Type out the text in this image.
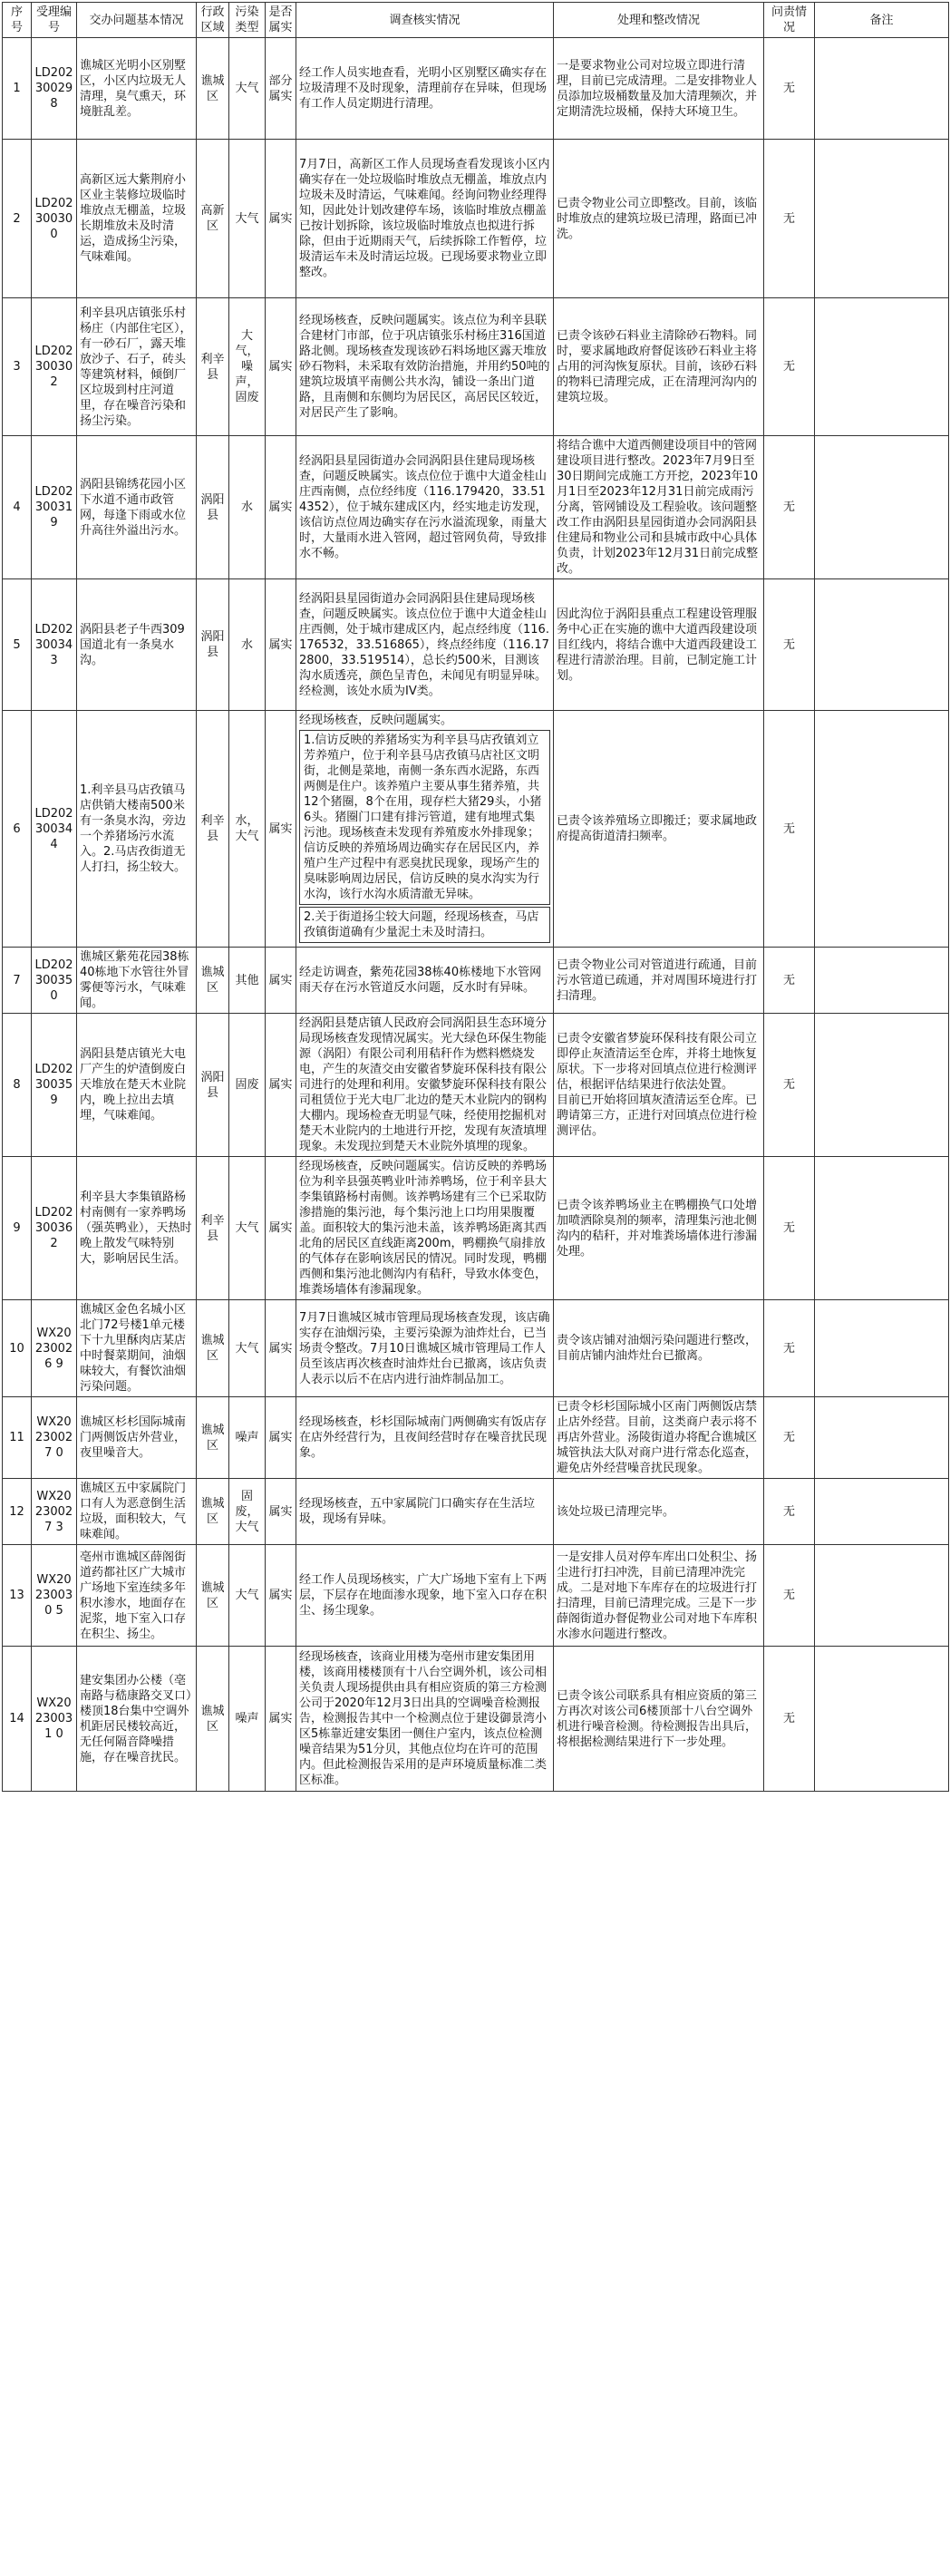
序号	受理编号	交办问题基本情况	行政区域	污染类型	是否属实	调查核实情况	处理和整改情况	问责情况	备注
1	LD20230029 8	谯城区光明小区别墅区，小区内垃圾无人清理，臭气熏天，环境脏乱差。	谯城区	大气	部分属实	经工作人员实地查看，光明小区别墅区确实存在垃圾清理不及时现象，清理前存在异味，但现场有工作人员定期进行清理。	一是要求物业公司对垃圾立即进行清理，目前已完成清理。二是安排物业人员添加垃圾桶数量及加大清理频次，并定期清洗垃圾桶，保持大环境卫生。	无	
2	LD20230030 0	高新区远大紫荆府小区业主装修垃圾临时堆放点无棚盖，垃圾长期堆放未及时清运，造成扬尘污染，气味难闻。	高新区	大气	属实	7月7日，高新区工作人员现场查看发现该小区内确实存在一处垃圾临时堆放点无棚盖，堆放点内垃圾未及时清运，气味难闻。经询问物业经理得知，因此处计划改建停车场，该临时堆放点棚盖已按计划拆除，该垃圾临时堆放点也拟进行拆除，但由于近期雨天气，后续拆除工作暂停，垃圾清运车未及时清运垃圾。已现场要求物业立即整改。	已责令物业公司立即整改。目前，该临时堆放点的建筑垃圾已清理，路面已冲洗。	无	
3	LD20230030 2	利辛县巩店镇张乐村杨庄（内部住宅区），有一砂石厂，露天堆放沙子、石子，砖头等建筑材料，倾倒厂区垃圾到村庄河道里，存在噪音污染和扬尘污染。	利辛县	大气，噪声，固废	属实	经现场核查，反映问题属实。该点位为利辛县联合建材门市部，位于巩店镇张乐村杨庄316国道路北侧。现场核查发现该砂石料场地区露天堆放砂石物料，未采取有效防治措施，并用约50吨的建筑垃圾填平南侧公共水沟，铺设一条出门道路，且南侧和东侧均为居民区，高居民区较近，对居民产生了影响。	已责令该砂石料业主清除砂石物料。同时，要求属地政府督促该砂石料业主将占用的河沟恢复原状。目前，该砂石料的物料已清理完成，正在清理河沟内的建筑垃圾。	无	
4	LD20230031 9	涡阳县锦绣花园小区下水道不通市政管网，每逢下雨或水位升高往外溢出污水。	涡阳县	水	属实	经涡阳县星园街道办会同涡阳县住建局现场核查，问题反映属实。该点位位于谯中大道金桂山庄西南侧，点位经纬度（116.179420，33.514352），位于城东建成区内，经实地走访发现，该信访点位周边确实存在污水溢流现象，雨量大时，大量雨水进入管网，超过管网负荷，导致排水不畅。	将结合谯中大道西侧建设项目中的管网建设项目进行整改。2023年7月9日至30日期间完成施工方开挖，2023年10月1日至2023年12月31日前完成雨污分离，管网铺设及工程验收。该问题整改工作由涡阳县星园街道办会同涡阳县住建局和物业公司和县城市政中心具体负责，计划2023年12月31日前完成整改。	无	
5	LD20230034 3	涡阳县老子牛西309国道北有一条臭水沟。	涡阳县	水	属实	经涡阳县星园街道办会同涡阳县住建局现场核查，问题反映属实。该点位位于谯中大道金桂山庄西侧，处于城市建成区内，起点经纬度（116.176532，33.516865），终点经纬度（116.172800，33.519514），总长约500米，目测该沟水质透亮，颜色呈青色，未闻见有明显异味。经检测，该处水质为IV类。	因此沟位于涡阳县重点工程建设管理服务中心正在实施的谯中大道西段建设项目红线内，将结合谯中大道西段建设工程进行清淤治理。目前，已制定施工计划。	无	
6	LD20230034 4	1.利辛县马店孜镇马店供销大楼南500米有一条臭水沟，旁边一个养猪场污水流入。2.马店孜街道无人打扫，扬尘较大。	利辛县	水，大气	属实	经现场核查，反映问题属实。
1.信访反映的养猪场实为利辛县马店孜镇刘立芳养殖户，位于利辛县马店孜镇马店社区文明街，北侧是菜地，南侧一条东西水泥路，东西两侧是住户。该养殖户主要从事生猪养殖，共12个猪圈，8个在用，现存栏大猪29头，小猪6头。猪圈门口建有排污管道，建有地埋式集污池。现场核查未发现有养殖废水外排现象；信访反映的养殖场周边确实存在居民区内，养殖户生产过程中有恶臭扰民现象，现场产生的臭味影响周边居民，信访反映的臭水沟实为行水沟，该行水沟水质清澈无异味。
2.关于街道扬尘较大问题，经现场核查，马店孜镇街道确有少量泥土未及时清扫。	已责令该养殖场立即搬迁；要求属地政府提高街道清扫频率。	无	
7	LD20230035 0	谯城区紫苑花园38栋40栋地下水管往外冒雾便等污水，气味难闻。	谯城区	其他	属实	经走访调查，紫苑花园38栋40栋楼地下水管网雨天存在污水管道反水问题，反水时有异味。	已责令物业公司对管道进行疏通，目前污水管道已疏通，并对周围环境进行打扫清理。	无	
8	LD20230035 9	涡阳县楚店镇光大电厂产生的炉渣倒废白天堆放在楚天木业院内，晚上拉出去填埋，气味难闻。	涡阳县	固废	属实	经涡阳县楚店镇人民政府会同涡阳县生态环境分局现场核查发现情况属实。光大绿色环保生物能源（涡阳）有限公司利用秸秆作为燃料燃烧发电，产生的灰渣交由安徽省梦旋环保科技有限公司进行的处理和利用。安徽梦旋环保科技有限公司租赁位于光大电厂北边的楚天木业院内的钢构大棚内。现场检查无明显气味，经使用挖掘机对楚天木业院内的土地进行开挖，发现有灰渣填埋现象。未发现拉到楚天木业院外填埋的现象。	已责令安徽省梦旋环保科技有限公司立即停止灰渣清运至仓库，并将土地恢复原状。下一步将对回填点位进行检测评估，根据评估结果进行依法处置。
目前已开始将回填灰渣清运至仓库。已聘请第三方，正进行对回填点位进行检测评估。	无	
9	LD20230036 2	利辛县大李集镇路杨村南侧有一家养鸭场（强英鸭业），天热时晚上散发气味特别大，影响居民生活。	利辛县	大气	属实	经现场核查，反映问题属实。信访反映的养鸭场位为利辛县强英鸭业叶沛养鸭场，位于利辛县大李集镇路杨村南侧。该养鸭场建有三个已采取防渗措施的集污池，每个集污池上口均用果腹覆盖。面积较大的集污池未盖，该养鸭场距离其西北角的居民区直线距离200m，鸭棚换气扇排放的气体存在影响该居民的情况。同时发现，鸭棚西侧和集污池北侧沟内有秸秆，导致水体变色，堆粪场墙体有渗漏现象。	已责令该养鸭场业主在鸭棚换气口处增加喷洒除臭剂的频率，清理集污池北侧沟内的秸秆，并对堆粪场墙体进行渗漏处理。	无	
10	WX20230026 9	谯城区金色名城小区北门72号楼1单元楼下十九里酥肉店某店中时餐菜期间，油烟味较大，有餐饮油烟污染问题。	谯城区	大气	属实	7月7日谯城区城市管理局现场核查发现，该店确实存在油烟污染，主要污染源为油炸灶台，已当场责令整改。7月10日谯城区城市管理局工作人员至该店再次核查时油炸灶台已撤离，该店负责人表示以后不在店内进行油炸制品加工。	责令该店铺对油烟污染问题进行整改，目前店铺内油炸灶台已撤离。	无	
11	WX20230027 0	谯城区杉杉国际城南门两侧饭店外营业，夜里噪音大。	谯城区	噪声	属实	经现场核查，杉杉国际城南门两侧确实有饭店存在店外经营行为，且夜间经营时存在噪音扰民现象。	已责令杉杉国际城小区南门两侧饭店禁止店外经营。目前，这类商户表示将不再店外营业。汤陵街道办将配合谯城区城管执法大队对商户进行常态化巡查，避免店外经营噪音扰民现象。	无	
12	WX20230027 3	谯城区五中家属院门口有人为恶意倒生活垃圾，面积较大，气味难闻。	谯城区	固废，大气	属实	经现场核查，五中家属院门口确实存在生活垃圾，现场有异味。	该处垃圾已清理完毕。	无	
13	WX20230030 5	亳州市谯城区薛阁街道药都社区广大城市广场地下室连续多年积水渗水，地面存在泥浆，地下室入口存在积尘、扬尘。	谯城区	大气	属实	经工作人员现场核实，广大广场地下室有上下两层，下层存在地面渗水现象，地下室入口存在积尘、扬尘现象。	一是安排人员对停车库出口处积尘、扬尘进行打扫冲洗，目前已清理冲洗完成。二是对地下车库存在的垃圾进行打扫清理，目前已清理完成。三是下一步薛阁街道办督促物业公司对地下车库积水渗水问题进行整改。	无	
14	WX20230031 0	建安集团办公楼（亳南路与嵇康路交叉口）楼顶18台集中空调外机距居民楼较高近，无任何隔音降噪措施，存在噪音扰民。	谯城区	噪声	属实	经现场核查，该商业用楼为亳州市建安集团用楼，该商用楼楼顶有十八台空调外机，该公司相关负责人现场提供由具有相应资质的第三方检测公司于2020年12月3日出具的空调噪音检测报告，检测报告其中一个检测点位于建设御景湾小区5栋靠近建安集团一侧住户室内，该点位检测噪音结果为51分贝，其他点位均在许可的范围内。但此检测报告采用的是声环境质量标准二类区标准。	已责令该公司联系具有相应资质的第三方再次对该公司6楼顶部十八台空调外机进行噪音检测。待检测报告出具后，将根据检测结果进行下一步处理。	无	
